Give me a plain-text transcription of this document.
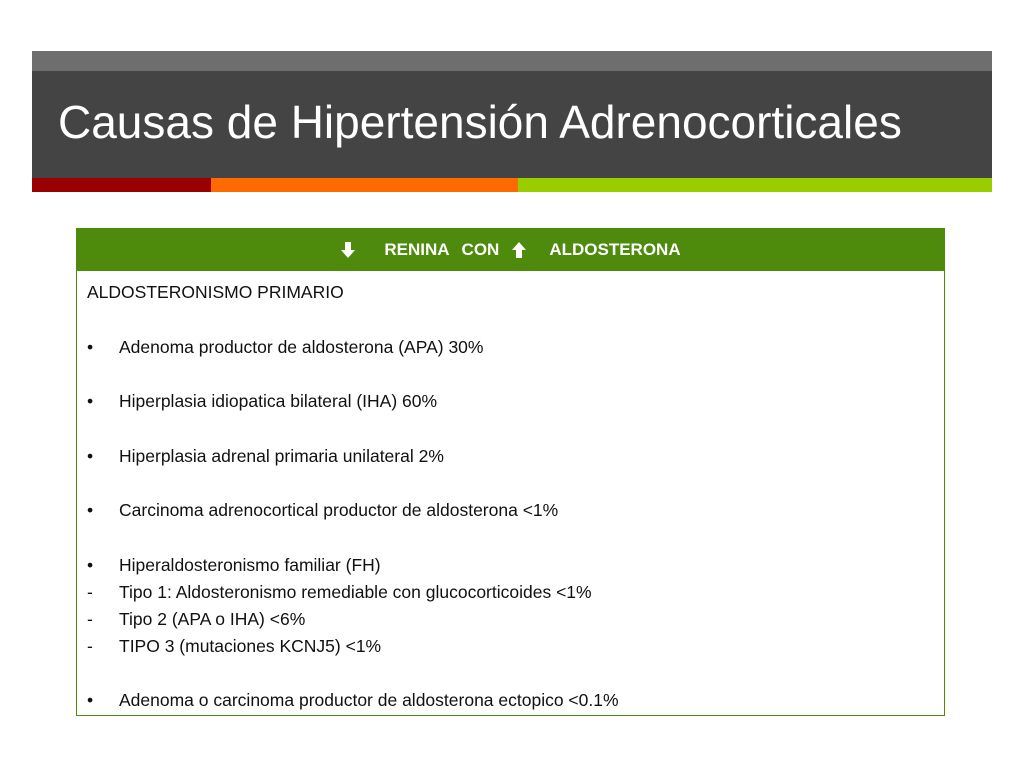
Causas de Hipertensión Adrenocorticales
RENINA CON	ALDOSTERONA
ALDOSTERONISMO PRIMARIO
•	Adenoma productor de aldosterona (APA) 30%
•	Hiperplasia idiopatica bilateral (IHA) 60%
•	Hiperplasia adrenal primaria unilateral 2%
•	Carcinoma adrenocortical productor de aldosterona <1%
•	Hiperaldosteronismo familiar (FH)
-	Tipo 1: Aldosteronismo remediable con glucocorticoides <1%
-	Tipo 2 (APA o IHA) <6%
-	TIPO 3 (mutaciones KCNJ5) <1%
•	Adenoma o carcinoma productor de aldosterona ectopico <0.1%
